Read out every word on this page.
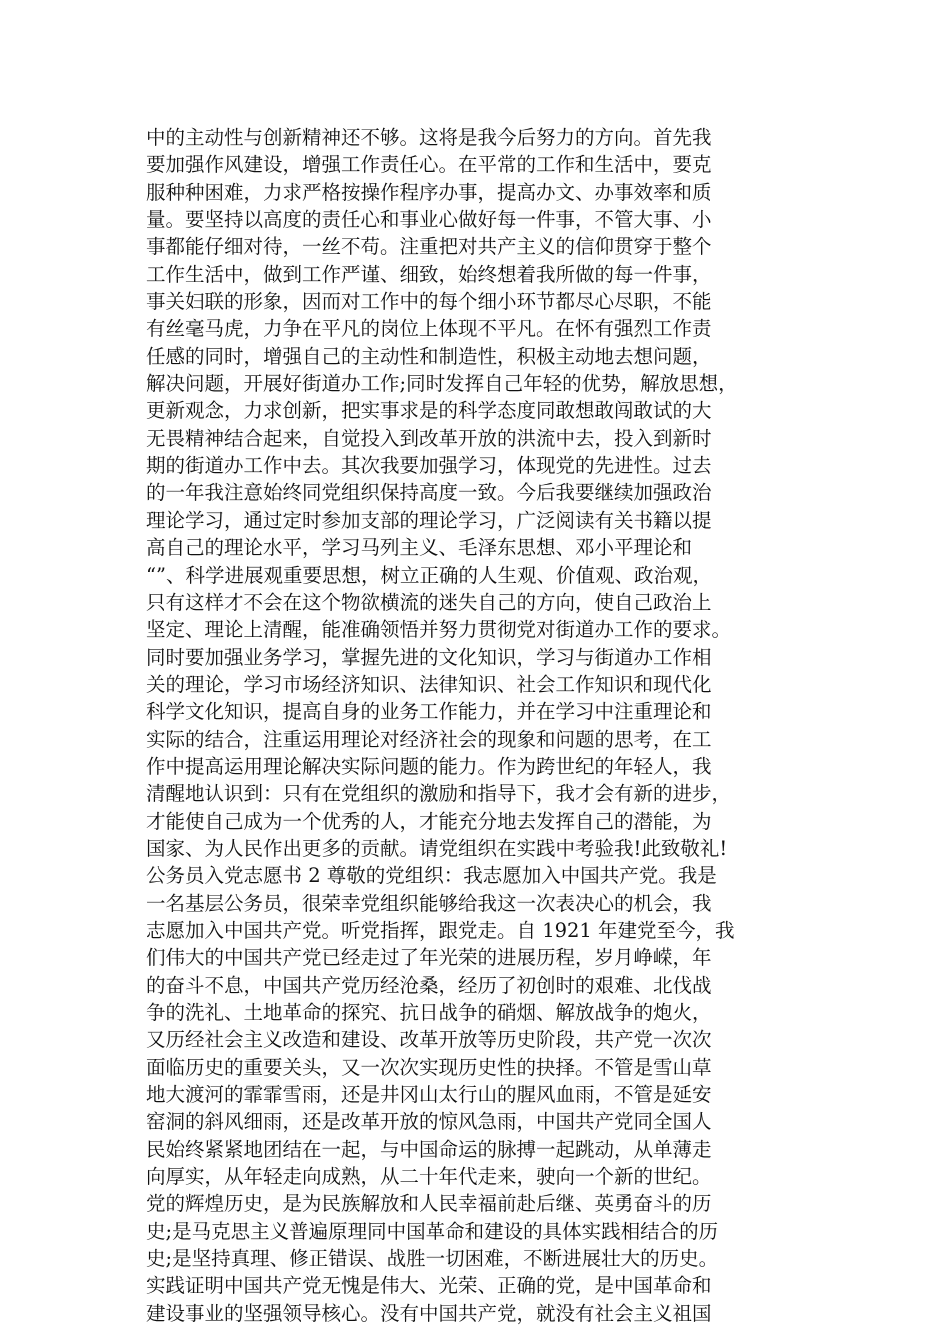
中的主动性与创新精神还不够。这将是我今后努力的方向。首先我
要加强作风建设，增强工作责任心。在平常的工作和生活中，要克
服种种困难，力求严格按操作程序办事，提高办文、办事效率和质
量。要坚持以高度的责任心和事业心做好每一件事，不管大事、小
事都能仔细对待，一丝不苟。注重把对共产主义的信仰贯穿于整个
工作生活中，做到工作严谨、细致，始终想着我所做的每一件事，
事关妇联的形象，因而对工作中的每个细小环节都尽心尽职，不能
有丝毫马虎，力争在平凡的岗位上体现不平凡。在怀有强烈工作责
任感的同时，增强自己的主动性和制造性，积极主动地去想问题，
解决问题，开展好街道办工作;同时发挥自己年轻的优势，解放思想，
更新观念，力求创新，把实事求是的科学态度同敢想敢闯敢试的大
无畏精神结合起来，自觉投入到改革开放的洪流中去，投入到新时
期的街道办工作中去。其次我要加强学习，体现党的先进性。过去
的一年我注意始终同党组织保持高度一致。今后我要继续加强政治
理论学习，通过定时参加支部的理论学习，广泛阅读有关书籍以提
高自己的理论水平，学习马列主义、毛泽东思想、邓小平理论和
“”、科学进展观重要思想，树立正确的人生观、价值观、政治观，
只有这样才不会在这个物欲横流的迷失自己的方向，使自己政治上
坚定、理论上清醒，能准确领悟并努力贯彻党对街道办工作的要求。
同时要加强业务学习，掌握先进的文化知识，学习与街道办工作相
关的理论，学习市场经济知识、法律知识、社会工作知识和现代化
科学文化知识，提高自身的业务工作能力，并在学习中注重理论和
实际的结合，注重运用理论对经济社会的现象和问题的思考，在工
作中提高运用理论解决实际问题的能力。作为跨世纪的年轻人，我
清醒地认识到：只有在党组织的激励和指导下，我才会有新的进步，
才能使自己成为一个优秀的人，才能充分地去发挥自己的潜能，为
国家、为人民作出更多的贡献。请党组织在实践中考验我!此致敬礼!
公务员入党志愿书 2 尊敬的党组织：我志愿加入中国共产党。我是
一名基层公务员，很荣幸党组织能够给我这一次表决心的机会，我
志愿加入中国共产党。听党指挥，跟党走。自 1921 年建党至今，我
们伟大的中国共产党已经走过了年光荣的进展历程，岁月峥嵘，年
的奋斗不息，中国共产党历经沧桑，经历了初创时的艰难、北伐战
争的洗礼、土地革命的探究、抗日战争的硝烟、解放战争的炮火，
又历经社会主义改造和建设、改革开放等历史阶段，共产党一次次
面临历史的重要关头，又一次次实现历史性的抉择。不管是雪山草
地大渡河的霏霏雪雨，还是井冈山太行山的腥风血雨，不管是延安
窑洞的斜风细雨，还是改革开放的惊风急雨，中国共产党同全国人
民始终紧紧地团结在一起，与中国命运的脉搏一起跳动，从单薄走
向厚实，从年轻走向成熟，从二十年代走来，驶向一个新的世纪。
党的辉煌历史，是为民族解放和人民幸福前赴后继、英勇奋斗的历
史;是马克思主义普遍原理同中国革命和建设的具体实践相结合的历
史;是坚持真理、修正错误、战胜一切困难，不断进展壮大的历史。
实践证明中国共产党无愧是伟大、光荣、正确的党，是中国革命和
建设事业的坚强领导核心。没有中国共产党，就没有社会主义祖国
